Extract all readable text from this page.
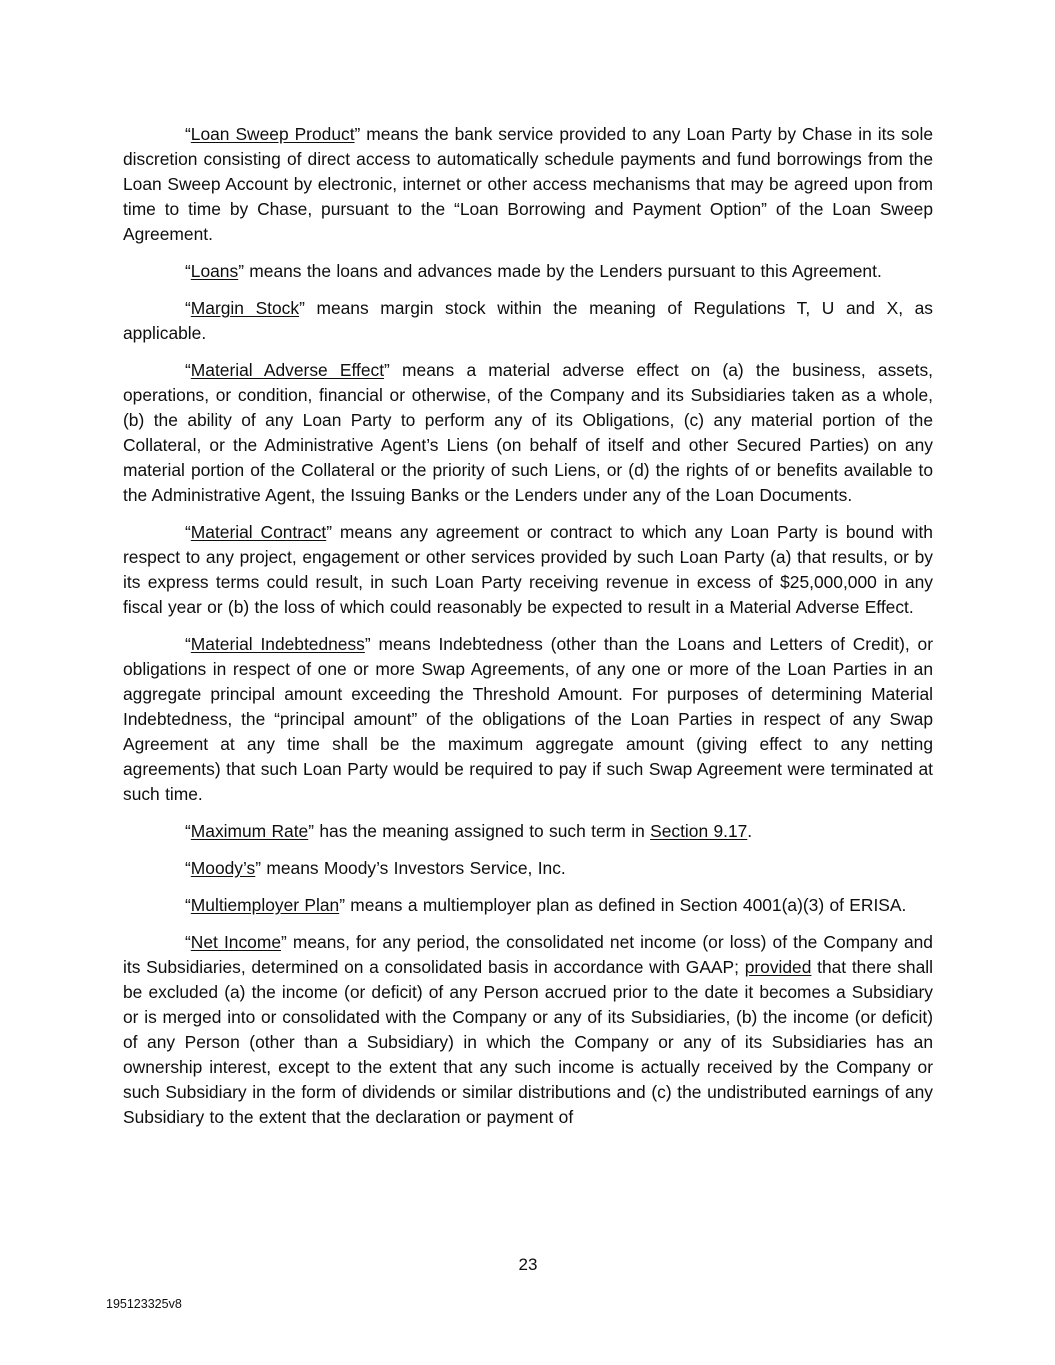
“Loan Sweep Product” means the bank service provided to any Loan Party by Chase in its sole discretion consisting of direct access to automatically schedule payments and fund borrowings from the Loan Sweep Account by electronic, internet or other access mechanisms that may be agreed upon from time to time by Chase, pursuant to the “Loan Borrowing and Payment Option” of the Loan Sweep Agreement.

“Loans” means the loans and advances made by the Lenders pursuant to this Agreement.

“Margin Stock” means margin stock within the meaning of Regulations T, U and X, as applicable.

“Material Adverse Effect” means a material adverse effect on (a) the business, assets, operations, or condition, financial or otherwise, of the Company and its Subsidiaries taken as a whole, (b) the ability of any Loan Party to perform any of its Obligations, (c) any material portion of the Collateral, or the Administrative Agent’s Liens (on behalf of itself and other Secured Parties) on any material portion of the Collateral or the priority of such Liens, or (d) the rights of or benefits available to the Administrative Agent, the Issuing Banks or the Lenders under any of the Loan Documents.

“Material Contract” means any agreement or contract to which any Loan Party is bound with respect to any project, engagement or other services provided by such Loan Party (a) that results, or by its express terms could result, in such Loan Party receiving revenue in excess of $25,000,000 in any fiscal year or (b) the loss of which could reasonably be expected to result in a Material Adverse Effect.

“Material Indebtedness” means Indebtedness (other than the Loans and Letters of Credit), or obligations in respect of one or more Swap Agreements, of any one or more of the Loan Parties in an aggregate principal amount exceeding the Threshold Amount. For purposes of determining Material Indebtedness, the “principal amount” of the obligations of the Loan Parties in respect of any Swap Agreement at any time shall be the maximum aggregate amount (giving effect to any netting agreements) that such Loan Party would be required to pay if such Swap Agreement were terminated at such time.

“Maximum Rate” has the meaning assigned to such term in Section 9.17.

“Moody’s” means Moody’s Investors Service, Inc.

“Multiemployer Plan” means a multiemployer plan as defined in Section 4001(a)(3) of ERISA.

“Net Income” means, for any period, the consolidated net income (or loss) of the Company and its Subsidiaries, determined on a consolidated basis in accordance with GAAP; provided that there shall be excluded (a) the income (or deficit) of any Person accrued prior to the date it becomes a Subsidiary or is merged into or consolidated with the Company or any of its Subsidiaries, (b) the income (or deficit) of any Person (other than a Subsidiary) in which the Company or any of its Subsidiaries has an ownership interest, except to the extent that any such income is actually received by the Company or such Subsidiary in the form of dividends or similar distributions and (c) the undistributed earnings of any Subsidiary to the extent that the declaration or payment of

23
195123325v8
